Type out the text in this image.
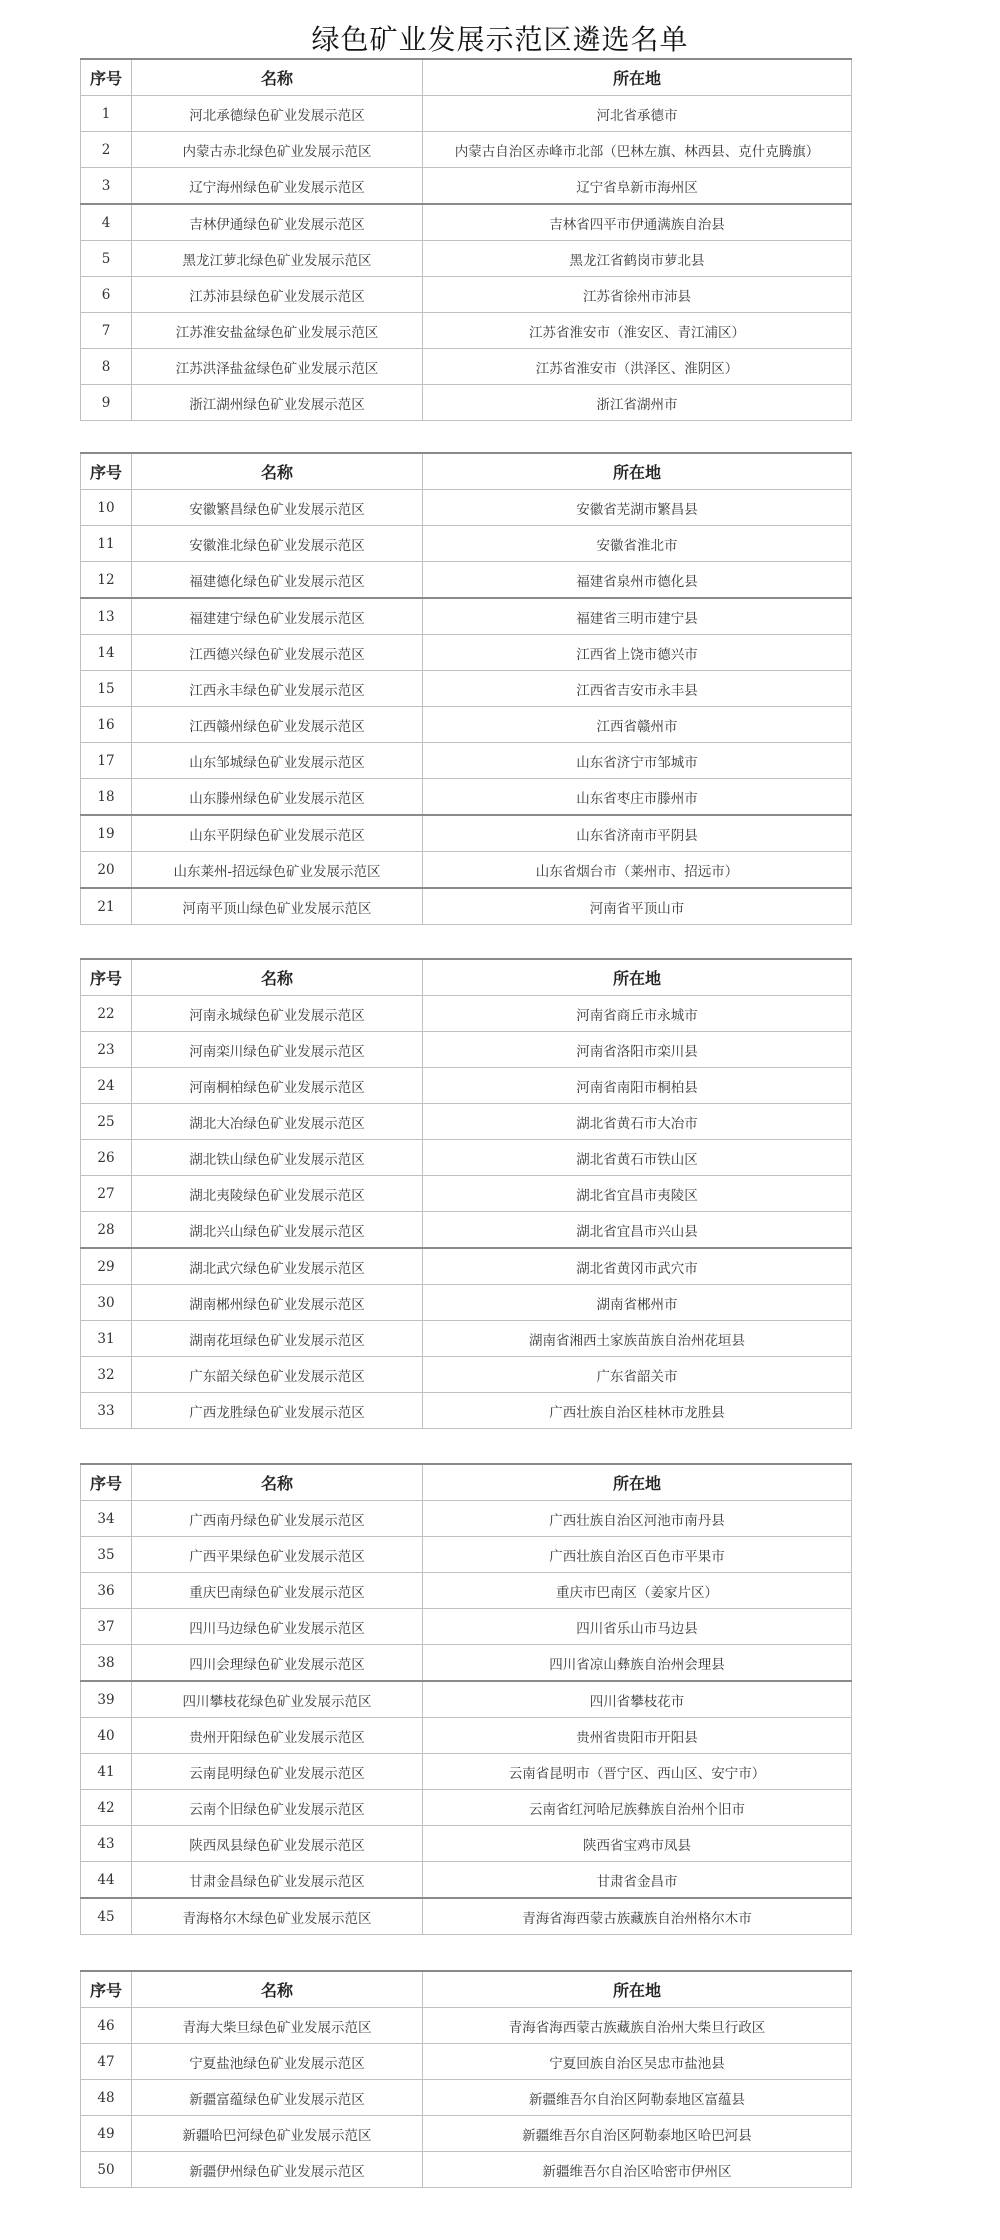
绿色矿业发展示范区遴选名单
序号	名称	所在地
1	河北承德绿色矿业发展示范区	河北省承德市
2	内蒙古赤北绿色矿业发展示范区	内蒙古自治区赤峰市北部（巴林左旗、林西县、克什克腾旗）
3	辽宁海州绿色矿业发展示范区	辽宁省阜新市海州区
4	吉林伊通绿色矿业发展示范区	吉林省四平市伊通满族自治县
5	黑龙江萝北绿色矿业发展示范区	黑龙江省鹤岗市萝北县
6	江苏沛县绿色矿业发展示范区	江苏省徐州市沛县
7	江苏淮安盐盆绿色矿业发展示范区	江苏省淮安市（淮安区、青江浦区）
8	江苏洪泽盐盆绿色矿业发展示范区	江苏省淮安市（洪泽区、淮阴区）
9	浙江湖州绿色矿业发展示范区	浙江省湖州市
序号	名称	所在地
10	安徽繁昌绿色矿业发展示范区	安徽省芜湖市繁昌县
11	安徽淮北绿色矿业发展示范区	安徽省淮北市
12	福建德化绿色矿业发展示范区	福建省泉州市德化县
13	福建建宁绿色矿业发展示范区	福建省三明市建宁县
14	江西德兴绿色矿业发展示范区	江西省上饶市德兴市
15	江西永丰绿色矿业发展示范区	江西省吉安市永丰县
16	江西赣州绿色矿业发展示范区	江西省赣州市
17	山东邹城绿色矿业发展示范区	山东省济宁市邹城市
18	山东滕州绿色矿业发展示范区	山东省枣庄市滕州市
19	山东平阴绿色矿业发展示范区	山东省济南市平阴县
20	山东莱州-招远绿色矿业发展示范区	山东省烟台市（莱州市、招远市）
21	河南平顶山绿色矿业发展示范区	河南省平顶山市
序号	名称	所在地
22	河南永城绿色矿业发展示范区	河南省商丘市永城市
23	河南栾川绿色矿业发展示范区	河南省洛阳市栾川县
24	河南桐柏绿色矿业发展示范区	河南省南阳市桐柏县
25	湖北大冶绿色矿业发展示范区	湖北省黄石市大冶市
26	湖北铁山绿色矿业发展示范区	湖北省黄石市铁山区
27	湖北夷陵绿色矿业发展示范区	湖北省宜昌市夷陵区
28	湖北兴山绿色矿业发展示范区	湖北省宜昌市兴山县
29	湖北武穴绿色矿业发展示范区	湖北省黄冈市武穴市
30	湖南郴州绿色矿业发展示范区	湖南省郴州市
31	湖南花垣绿色矿业发展示范区	湖南省湘西土家族苗族自治州花垣县
32	广东韶关绿色矿业发展示范区	广东省韶关市
33	广西龙胜绿色矿业发展示范区	广西壮族自治区桂林市龙胜县
序号	名称	所在地
34	广西南丹绿色矿业发展示范区	广西壮族自治区河池市南丹县
35	广西平果绿色矿业发展示范区	广西壮族自治区百色市平果市
36	重庆巴南绿色矿业发展示范区	重庆市巴南区（姜家片区）
37	四川马边绿色矿业发展示范区	四川省乐山市马边县
38	四川会理绿色矿业发展示范区	四川省凉山彝族自治州会理县
39	四川攀枝花绿色矿业发展示范区	四川省攀枝花市
40	贵州开阳绿色矿业发展示范区	贵州省贵阳市开阳县
41	云南昆明绿色矿业发展示范区	云南省昆明市（晋宁区、西山区、安宁市）
42	云南个旧绿色矿业发展示范区	云南省红河哈尼族彝族自治州个旧市
43	陕西凤县绿色矿业发展示范区	陕西省宝鸡市凤县
44	甘肃金昌绿色矿业发展示范区	甘肃省金昌市
45	青海格尔木绿色矿业发展示范区	青海省海西蒙古族藏族自治州格尔木市
序号	名称	所在地
46	青海大柴旦绿色矿业发展示范区	青海省海西蒙古族藏族自治州大柴旦行政区
47	宁夏盐池绿色矿业发展示范区	宁夏回族自治区吴忠市盐池县
48	新疆富蕴绿色矿业发展示范区	新疆维吾尔自治区阿勒泰地区富蕴县
49	新疆哈巴河绿色矿业发展示范区	新疆维吾尔自治区阿勒泰地区哈巴河县
50	新疆伊州绿色矿业发展示范区	新疆维吾尔自治区哈密市伊州区
